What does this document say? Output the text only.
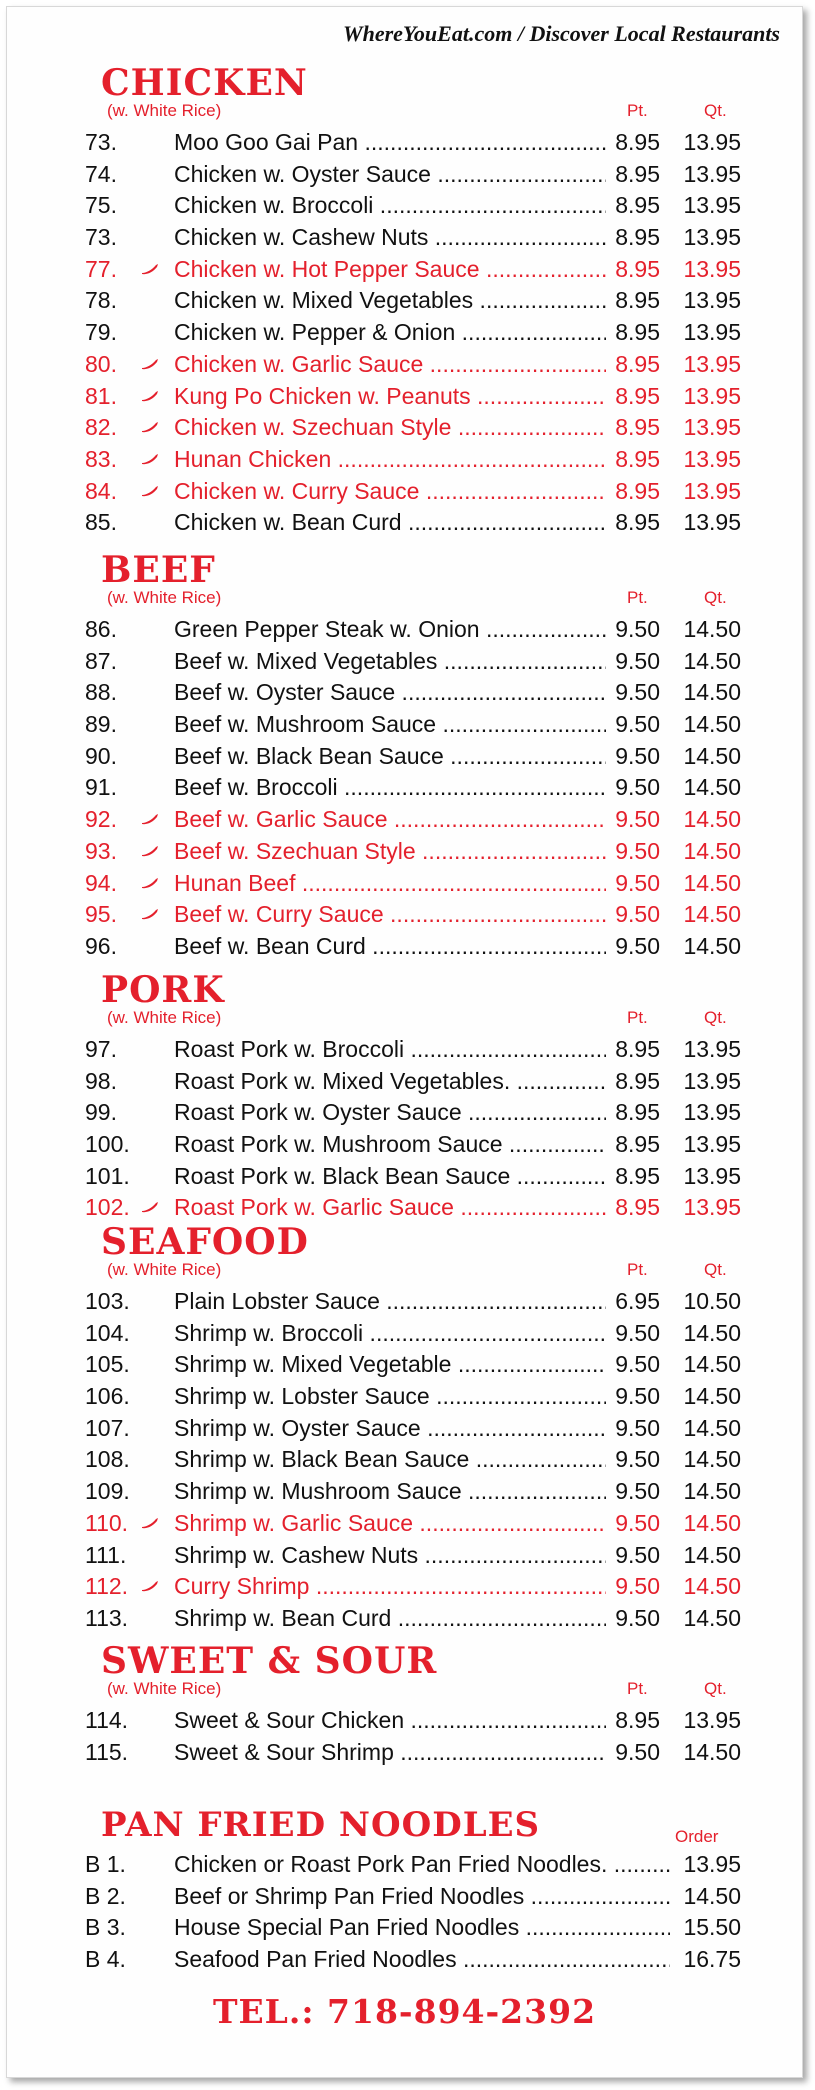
WhereYouEat.com / Discover Local Restaurants
CHICKEN
(w. White Rice)	Pt.	Qt.
73. Moo Goo Gai Pan .....	8.95	13.95
74. Chicken w. Oyster Sauce .....	8.95	13.95
75. Chicken w. Broccoli .....	8.95	13.95
73. Chicken w. Cashew Nuts .....	8.95	13.95
77. Chicken w. Hot Pepper Sauce .....	8.95	13.95
78. Chicken w. Mixed Vegetables .....	8.95	13.95
79. Chicken w. Pepper & Onion .....	8.95	13.95
80. Chicken w. Garlic Sauce .....	8.95	13.95
81. Kung Po Chicken w. Peanuts .....	8.95	13.95
82. Chicken w. Szechuan Style .....	8.95	13.95
83. Hunan Chicken .....	8.95	13.95
84. Chicken w. Curry Sauce .....	8.95	13.95
85. Chicken w. Bean Curd .....	8.95	13.95
BEEF
(w. White Rice)	Pt.	Qt.
86. Green Pepper Steak w. Onion .....	9.50	14.50
87. Beef w. Mixed Vegetables .....	9.50	14.50
88. Beef w. Oyster Sauce .....	9.50	14.50
89. Beef w. Mushroom Sauce .....	9.50	14.50
90. Beef w. Black Bean Sauce .....	9.50	14.50
91. Beef w. Broccoli .....	9.50	14.50
92. Beef w. Garlic Sauce .....	9.50	14.50
93. Beef w. Szechuan Style .....	9.50	14.50
94. Hunan Beef .....	9.50	14.50
95. Beef w. Curry Sauce .....	9.50	14.50
96. Beef w. Bean Curd .....	9.50	14.50
PORK
(w. White Rice)	Pt.	Qt.
97. Roast Pork w. Broccoli .....	8.95	13.95
98. Roast Pork w. Mixed Vegetables. .....	8.95	13.95
99. Roast Pork w. Oyster Sauce .....	8.95	13.95
100. Roast Pork w. Mushroom Sauce .....	8.95	13.95
101. Roast Pork w. Black Bean Sauce .....	8.95	13.95
102. Roast Pork w. Garlic Sauce .....	8.95	13.95
SEAFOOD
(w. White Rice)	Pt.	Qt.
103. Plain Lobster Sauce .....	6.95	10.50
104. Shrimp w. Broccoli .....	9.50	14.50
105. Shrimp w. Mixed Vegetable .....	9.50	14.50
106. Shrimp w. Lobster Sauce .....	9.50	14.50
107. Shrimp w. Oyster Sauce .....	9.50	14.50
108. Shrimp w. Black Bean Sauce .....	9.50	14.50
109. Shrimp w. Mushroom Sauce .....	9.50	14.50
110. Shrimp w. Garlic Sauce .....	9.50	14.50
111. Shrimp w. Cashew Nuts .....	9.50	14.50
112. Curry Shrimp .....	9.50	14.50
113. Shrimp w. Bean Curd .....	9.50	14.50
SWEET & SOUR
(w. White Rice)	Pt.	Qt.
114. Sweet & Sour Chicken .....	8.95	13.95
115. Sweet & Sour Shrimp .....	9.50	14.50
PAN FRIED NOODLES	Order
B 1. Chicken or Roast Pork Pan Fried Noodles. .....	13.95
B 2. Beef or Shrimp Pan Fried Noodles .....	14.50
B 3. House Special Pan Fried Noodles .....	15.50
B 4. Seafood Pan Fried Noodles .....	16.75
TEL.: 718-894-2392
